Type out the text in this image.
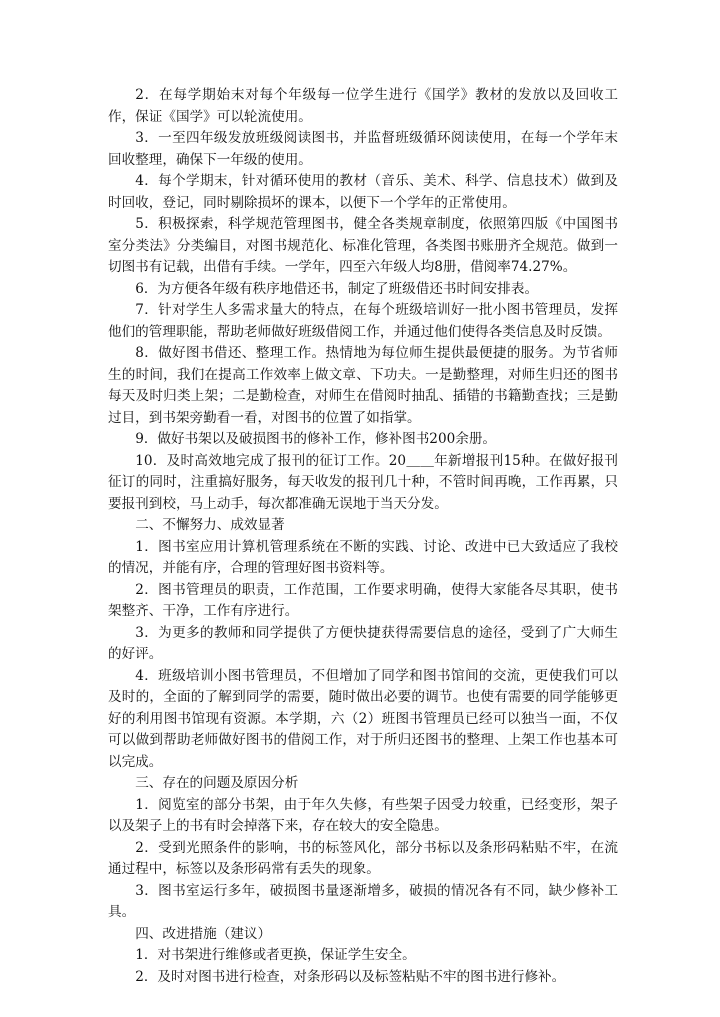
2．在每学期始末对每个年级每一位学生进行《国学》教材的发放以及回收工作，保证《国学》可以轮流使用。

3．一至四年级发放班级阅读图书，并监督班级循环阅读使用，在每一个学年末回收整理，确保下一年级的使用。

4．每个学期末，针对循环使用的教材（音乐、美术、科学、信息技术）做到及时回收，登记，同时剔除损坏的课本，以便下一个学年的正常使用。

5．积极探索，科学规范管理图书，健全各类规章制度，依照第四版《中国图书室分类法》分类编目，对图书规范化、标准化管理，各类图书账册齐全规范。做到一切图书有记载，出借有手续。一学年，四至六年级人均8册，借阅率74.27%。

6．为方便各年级有秩序地借还书，制定了班级借还书时间安排表。

7．针对学生人多需求量大的特点，在每个班级培训好一批小图书管理员，发挥他们的管理职能，帮助老师做好班级借阅工作，并通过他们使得各类信息及时反馈。

8．做好图书借还、整理工作。热情地为每位师生提供最便捷的服务。为节省师生的时间，我们在提高工作效率上做文章、下功夫。一是勤整理，对师生归还的图书每天及时归类上架；二是勤检查，对师生在借阅时抽乱、插错的书籍勤查找；三是勤过目，到书架旁勤看一看，对图书的位置了如指掌。

9．做好书架以及破损图书的修补工作，修补图书200余册。

10．及时高效地完成了报刊的征订工作。20＿＿年新增报刊15种。在做好报刊征订的同时，注重搞好服务，每天收发的报刊几十种，不管时间再晚，工作再累，只要报刊到校，马上动手，每次都准确无误地于当天分发。

二、不懈努力、成效显著

1．图书室应用计算机管理系统在不断的实践、讨论、改进中已大致适应了我校的情况，并能有序，合理的管理好图书资料等。

2．图书管理员的职责，工作范围，工作要求明确，使得大家能各尽其职，使书架整齐、干净，工作有序进行。

3．为更多的教师和同学提供了方便快捷获得需要信息的途径，受到了广大师生的好评。

4．班级培训小图书管理员，不但增加了同学和图书馆间的交流，更使我们可以及时的，全面的了解到同学的需要，随时做出必要的调节。也使有需要的同学能够更好的利用图书馆现有资源。本学期，六（2）班图书管理员已经可以独当一面，不仅可以做到帮助老师做好图书的借阅工作，对于所归还图书的整理、上架工作也基本可以完成。

三、存在的问题及原因分析

1．阅览室的部分书架，由于年久失修，有些架子因受力较重，已经变形，架子以及架子上的书有时会掉落下来，存在较大的安全隐患。

2．受到光照条件的影响，书的标签风化，部分书标以及条形码粘贴不牢，在流通过程中，标签以及条形码常有丢失的现象。

3．图书室运行多年，破损图书量逐渐增多，破损的情况各有不同，缺少修补工具。

四、改进措施（建议）

1．对书架进行维修或者更换，保证学生安全。

2．及时对图书进行检查，对条形码以及标签粘贴不牢的图书进行修补。
